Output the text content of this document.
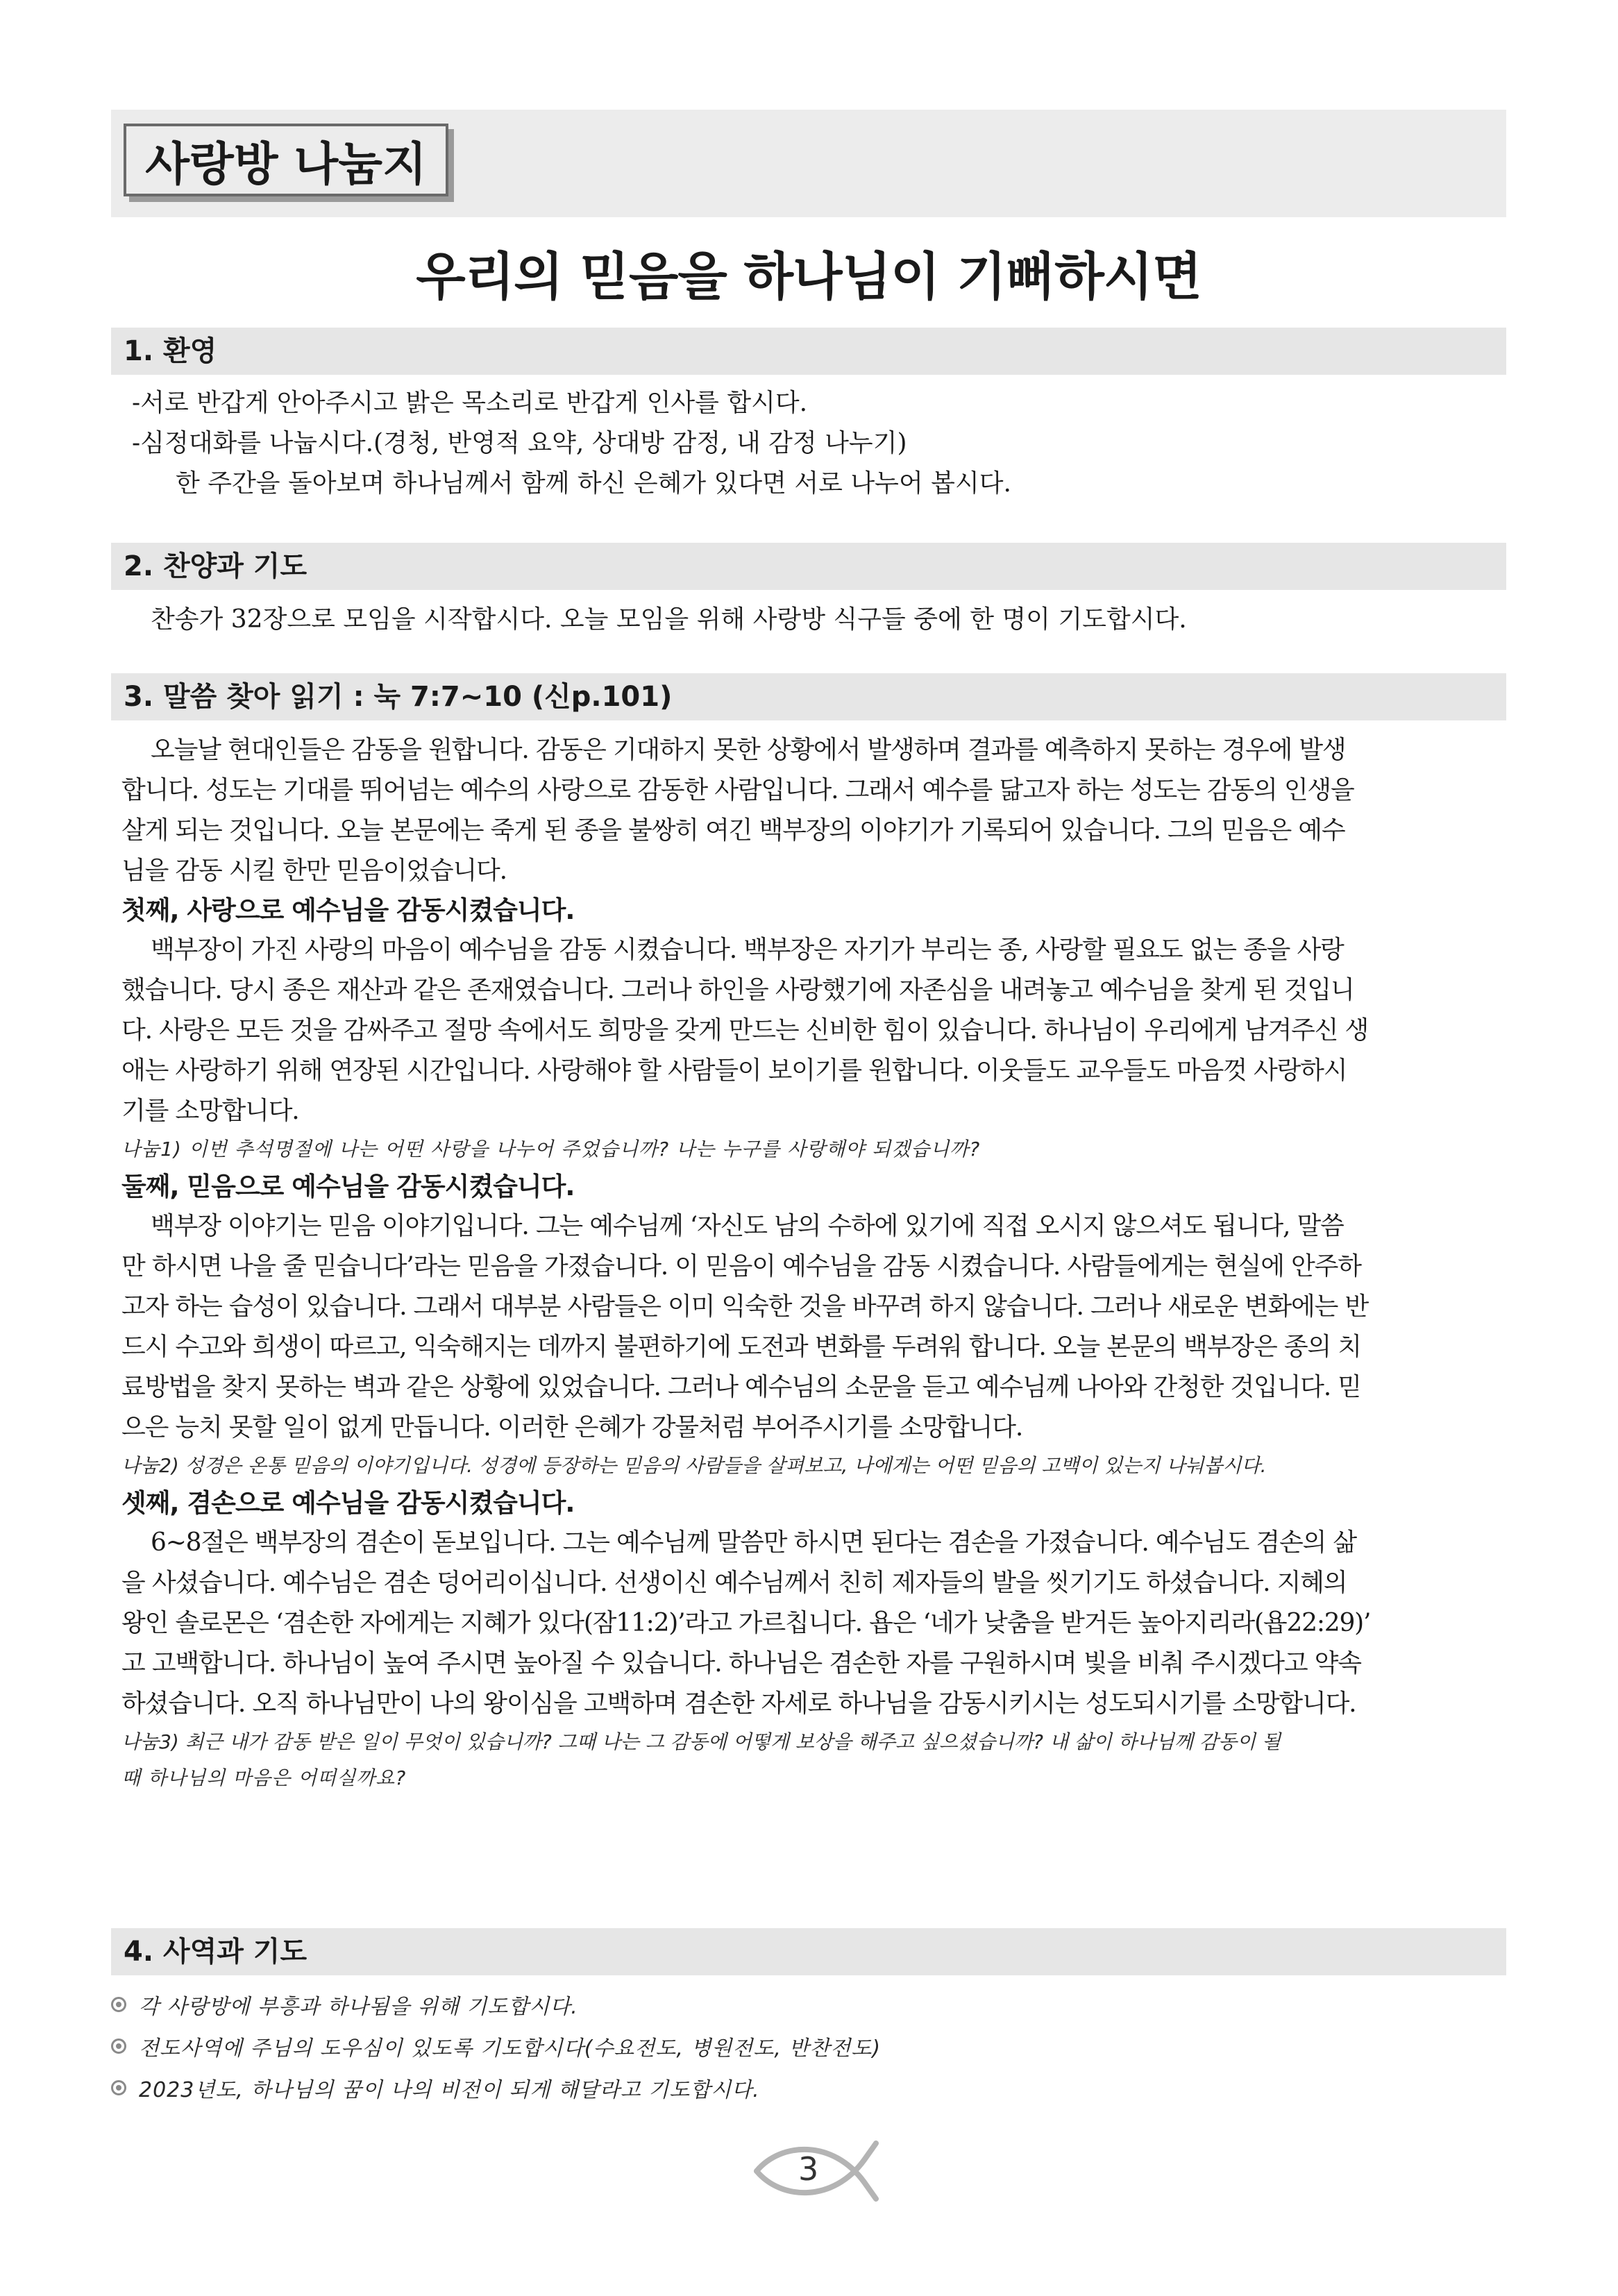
사랑방 나눔지
우리의 믿음을 하나님이 기뻐하시면
1. 환영
-서로 반갑게 안아주시고 밝은 목소리로 반갑게 인사를 합시다.
-심정대화를 나눕시다.(경청, 반영적 요약, 상대방 감정, 내 감정 나누기)
한 주간을 돌아보며 하나님께서 함께 하신 은혜가 있다면 서로 나누어 봅시다.
2. 찬양과 기도
찬송가 32장으로 모임을 시작합시다. 오늘 모임을 위해 사랑방 식구들 중에 한 명이 기도합시다.
3. 말씀 찾아 읽기 : 눅 7:7~10 (신p.101)
오늘날 현대인들은 감동을 원합니다. 감동은 기대하지 못한 상황에서 발생하며 결과를 예측하지 못하는 경우에 발생
합니다. 성도는 기대를 뛰어넘는 예수의 사랑으로 감동한 사람입니다. 그래서 예수를 닮고자 하는 성도는 감동의 인생을
살게 되는 것입니다. 오늘 본문에는 죽게 된 종을 불쌍히 여긴 백부장의 이야기가 기록되어 있습니다. 그의 믿음은 예수
님을 감동 시킬 한만 믿음이었습니다.
첫째, 사랑으로 예수님을 감동시켰습니다.
백부장이 가진 사랑의 마음이 예수님을 감동 시켰습니다. 백부장은 자기가 부리는 종, 사랑할 필요도 없는 종을 사랑
했습니다. 당시 종은 재산과 같은 존재였습니다. 그러나 하인을 사랑했기에 자존심을 내려놓고 예수님을 찾게 된 것입니
다. 사랑은 모든 것을 감싸주고 절망 속에서도 희망을 갖게 만드는 신비한 힘이 있습니다. 하나님이 우리에게 남겨주신 생
애는 사랑하기 위해 연장된 시간입니다. 사랑해야 할 사람들이 보이기를 원합니다. 이웃들도 교우들도 마음껏 사랑하시
기를 소망합니다.
나눔1) 이번 추석명절에 나는 어떤 사랑을 나누어 주었습니까? 나는 누구를 사랑해야 되겠습니까?
둘째, 믿음으로 예수님을 감동시켰습니다.
백부장 이야기는 믿음 이야기입니다. 그는 예수님께 ‘자신도 남의 수하에 있기에 직접 오시지 않으셔도 됩니다, 말씀
만 하시면 나을 줄 믿습니다’라는 믿음을 가졌습니다. 이 믿음이 예수님을 감동 시켰습니다. 사람들에게는 현실에 안주하
고자 하는 습성이 있습니다. 그래서 대부분 사람들은 이미 익숙한 것을 바꾸려 하지 않습니다. 그러나 새로운 변화에는 반
드시 수고와 희생이 따르고, 익숙해지는 데까지 불편하기에 도전과 변화를 두려워 합니다. 오늘 본문의 백부장은 종의 치
료방법을 찾지 못하는 벽과 같은 상황에 있었습니다. 그러나 예수님의 소문을 듣고 예수님께 나아와 간청한 것입니다. 믿
으은 능치 못할 일이 없게 만듭니다. 이러한 은혜가 강물처럼 부어주시기를 소망합니다.
나눔2) 성경은 온통 믿음의 이야기입니다. 성경에 등장하는 믿음의 사람들을 살펴보고, 나에게는 어떤 믿음의 고백이 있는지 나눠봅시다.
셋째, 겸손으로 예수님을 감동시켰습니다.
6~8절은 백부장의 겸손이 돋보입니다. 그는 예수님께 말씀만 하시면 된다는 겸손을 가졌습니다. 예수님도 겸손의 삶
을 사셨습니다. 예수님은 겸손 덩어리이십니다. 선생이신 예수님께서 친히 제자들의 발을 씻기기도 하셨습니다. 지혜의
왕인 솔로몬은 ‘겸손한 자에게는 지혜가 있다(잠11:2)’라고 가르칩니다. 욥은 ‘네가 낮춤을 받거든 높아지리라(욥22:29)’
고 고백합니다. 하나님이 높여 주시면 높아질 수 있습니다. 하나님은 겸손한 자를 구원하시며 빛을 비춰 주시겠다고 약속
하셨습니다. 오직 하나님만이 나의 왕이심을 고백하며 겸손한 자세로 하나님을 감동시키시는 성도되시기를 소망합니다.
나눔3) 최근 내가 감동 받은 일이 무엇이 있습니까? 그때 나는 그 감동에 어떻게 보상을 해주고 싶으셨습니까? 내 삶이 하나님께 감동이 될
때 하나님의 마음은 어떠실까요?
4. 사역과 기도
각 사랑방에 부흥과 하나됨을 위해 기도합시다.
전도사역에 주님의 도우심이 있도록 기도합시다(수요전도, 병원전도, 반찬전도)
2023년도, 하나님의 꿈이 나의 비전이 되게 해달라고 기도합시다.
3
